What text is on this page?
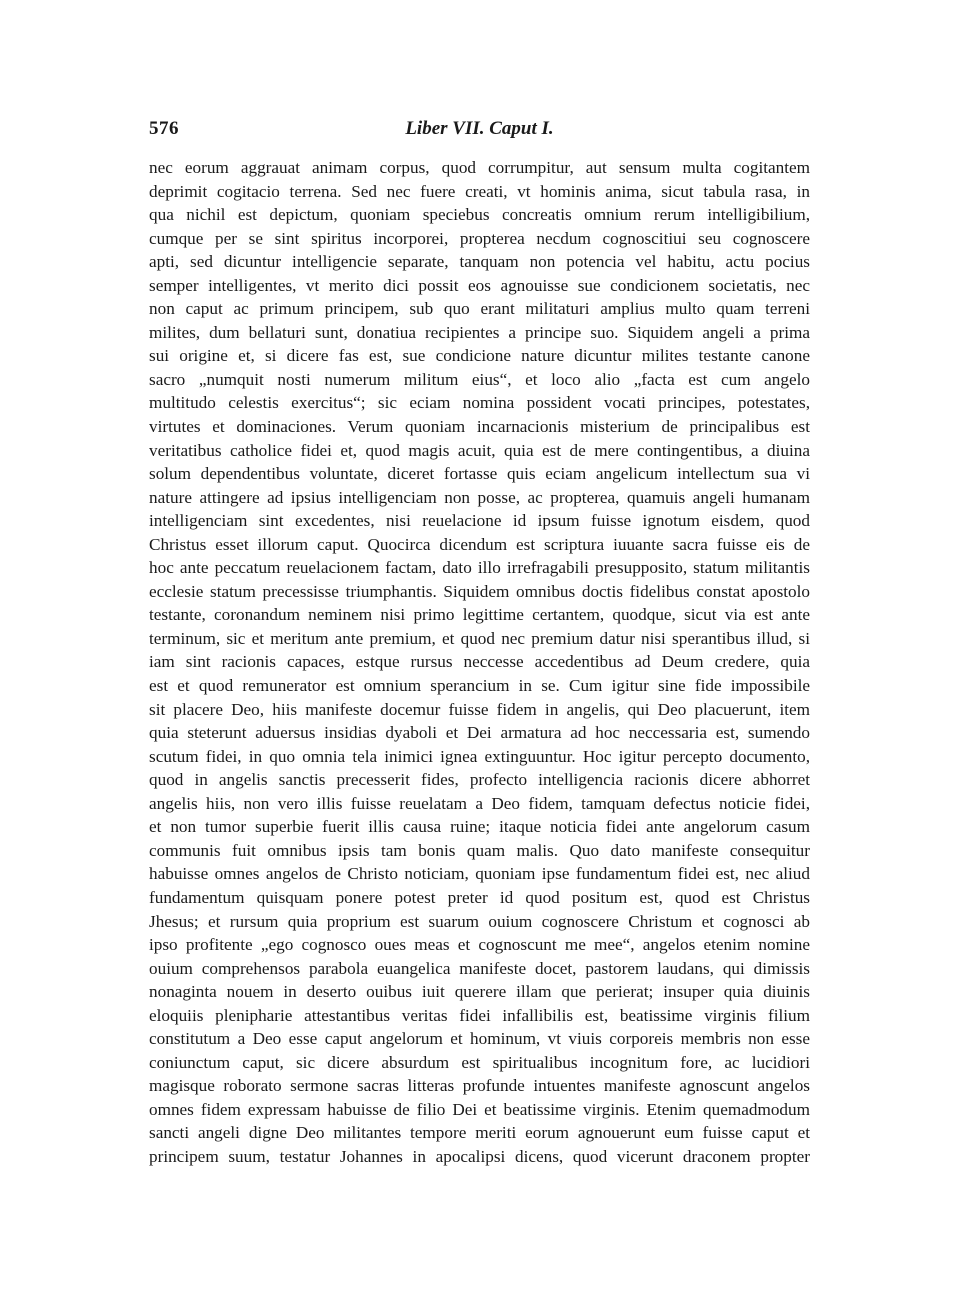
576	Liber VII. Caput I.
nec eorum aggrauat animam corpus, quod corrumpitur, aut sensum multa cogitantem
deprimit cogitacio terrena. Sed nec fuere creati, vt hominis anima, sicut tabula rasa, in
qua nichil est depictum, quoniam speciebus concreatis omnium rerum intelligibilium,
cumque per se sint spiritus incorporei, propterea necdum cognoscitiui seu cognoscere
apti, sed dicuntur intelligencie separate, tanquam non potencia vel habitu, actu pocius
semper intelligentes, vt merito dici possit eos agnouisse sue condicionem societatis, nec
non caput ac primum principem, sub quo erant militaturi amplius multo quam terreni
milites, dum bellaturi sunt, donatiua recipientes a principe suo. Siquidem angeli a prima
sui origine et, si dicere fas est, sue condicione nature dicuntur milites testante canone
sacro „numquit nosti numerum militum eius“, et loco alio „facta est cum angelo
multitudo celestis exercitus“; sic eciam nomina possident vocati principes, potestates,
virtutes et dominaciones. Verum quoniam incarnacionis misterium de principalibus est
veritatibus catholice fidei et, quod magis acuit, quia est de mere contingentibus, a diuina
solum dependentibus voluntate, diceret fortasse quis eciam angelicum intellectum sua vi
nature attingere ad ipsius intelligenciam non posse, ac propterea, quamuis angeli humanam
intelligenciam sint excedentes, nisi reuelacione id ipsum fuisse ignotum eisdem, quod
Christus esset illorum caput. Quocirca dicendum est scriptura iuuante sacra fuisse eis de
hoc ante peccatum reuelacionem factam, dato illo irrefragabili presupposito, statum militantis
ecclesie statum precessisse triumphantis. Siquidem omnibus doctis fidelibus constat apostolo
testante, coronandum neminem nisi primo legittime certantem, quodque, sicut via est ante
terminum, sic et meritum ante premium, et quod nec premium datur nisi sperantibus illud, si
iam sint racionis capaces, estque rursus neccesse accedentibus ad Deum credere, quia
est et quod remunerator est omnium sperancium in se. Cum igitur sine fide impossibile
sit placere Deo, hiis manifeste docemur fuisse fidem in angelis, qui Deo placuerunt, item
quia steterunt aduersus insidias dyaboli et Dei armatura ad hoc neccessaria est, sumendo
scutum fidei, in quo omnia tela inimici ignea extinguuntur. Hoc igitur percepto documento,
quod in angelis sanctis precesserit fides, profecto intelligencia racionis dicere abhorret
angelis hiis, non vero illis fuisse reuelatam a Deo fidem, tamquam defectus noticie fidei,
et non tumor superbie fuerit illis causa ruine; itaque noticia fidei ante angelorum casum
communis fuit omnibus ipsis tam bonis quam malis. Quo dato manifeste consequitur
habuisse omnes angelos de Christo noticiam, quoniam ipse fundamentum fidei est, nec aliud
fundamentum quisquam ponere potest preter id quod positum est, quod est Christus
Jhesus; et rursum quia proprium est suarum ouium cognoscere Christum et cognosci ab
ipso profitente „ego cognosco oues meas et cognoscunt me mee“, angelos etenim nomine
ouium comprehensos parabola euangelica manifeste docet, pastorem laudans, qui dimissis
nonaginta nouem in deserto ouibus iuit querere illam que perierat; insuper quia diuinis
eloquiis plenipharie attestantibus veritas fidei infallibilis est, beatissime virginis filium
constitutum a Deo esse caput angelorum et hominum, vt viuis corporeis membris non esse
coniunctum caput, sic dicere absurdum est spiritualibus incognitum fore, ac lucidiori
magisque roborato sermone sacras litteras profunde intuentes manifeste agnoscunt angelos
omnes fidem expressam habuisse de filio Dei et beatissime virginis. Etenim quemadmodum
sancti angeli digne Deo militantes tempore meriti eorum agnouerunt eum fuisse caput et
principem suum, testatur Johannes in apocalipsi dicens, quod vicerunt draconem propter
